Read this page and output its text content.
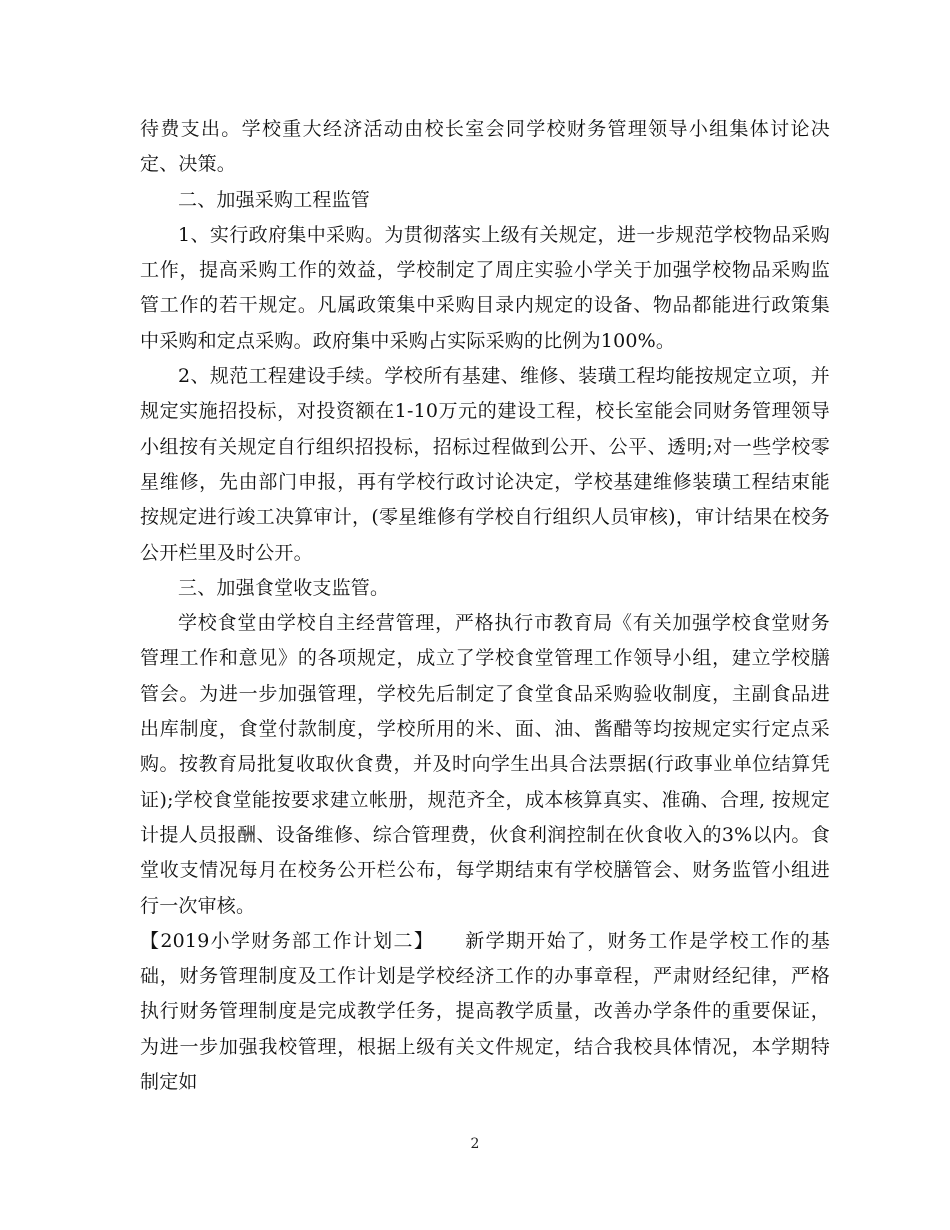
待费支出。学校重大经济活动由校长室会同学校财务管理领导小组集体讨论决定、决策。

二、加强采购工程监管

1、实行政府集中采购。为贯彻落实上级有关规定，进一步规范学校物品采购工作，提高采购工作的效益，学校制定了周庄实验小学关于加强学校物品采购监管工作的若干规定。凡属政策集中采购目录内规定的设备、物品都能进行政策集中采购和定点采购。政府集中采购占实际采购的比例为100%。

2、规范工程建设手续。学校所有基建、维修、装璜工程均能按规定立项，并规定实施招投标，对投资额在1-10万元的建设工程，校长室能会同财务管理领导小组按有关规定自行组织招投标，招标过程做到公开、公平、透明;对一些学校零星维修，先由部门申报，再有学校行政讨论决定，学校基建维修装璜工程结束能按规定进行竣工决算审计，(零星维修有学校自行组织人员审核)，审计结果在校务公开栏里及时公开。

三、加强食堂收支监管。

学校食堂由学校自主经营管理，严格执行市教育局《有关加强学校食堂财务管理工作和意见》的各项规定，成立了学校食堂管理工作领导小组，建立学校膳管会。为进一步加强管理，学校先后制定了食堂食品采购验收制度，主副食品进出库制度，食堂付款制度，学校所用的米、面、油、酱醋等均按规定实行定点采购。按教育局批复收取伙食费，并及时向学生出具合法票据(行政事业单位结算凭证);学校食堂能按要求建立帐册，规范齐全，成本核算真实、准确、合理, 按规定计提人员报酬、设备维修、综合管理费，伙食利润控制在伙食收入的3%以内。食堂收支情况每月在校务公开栏公布，每学期结束有学校膳管会、财务监管小组进行一次审核。

【2019小学财务部工作计划二】　　新学期开始了，财务工作是学校工作的基础，财务管理制度及工作计划是学校经济工作的办事章程，严肃财经纪律，严格执行财务管理制度是完成教学任务，提高教学质量，改善办学条件的重要保证，为进一步加强我校管理，根据上级有关文件规定，结合我校具体情况，本学期特制定如

2
